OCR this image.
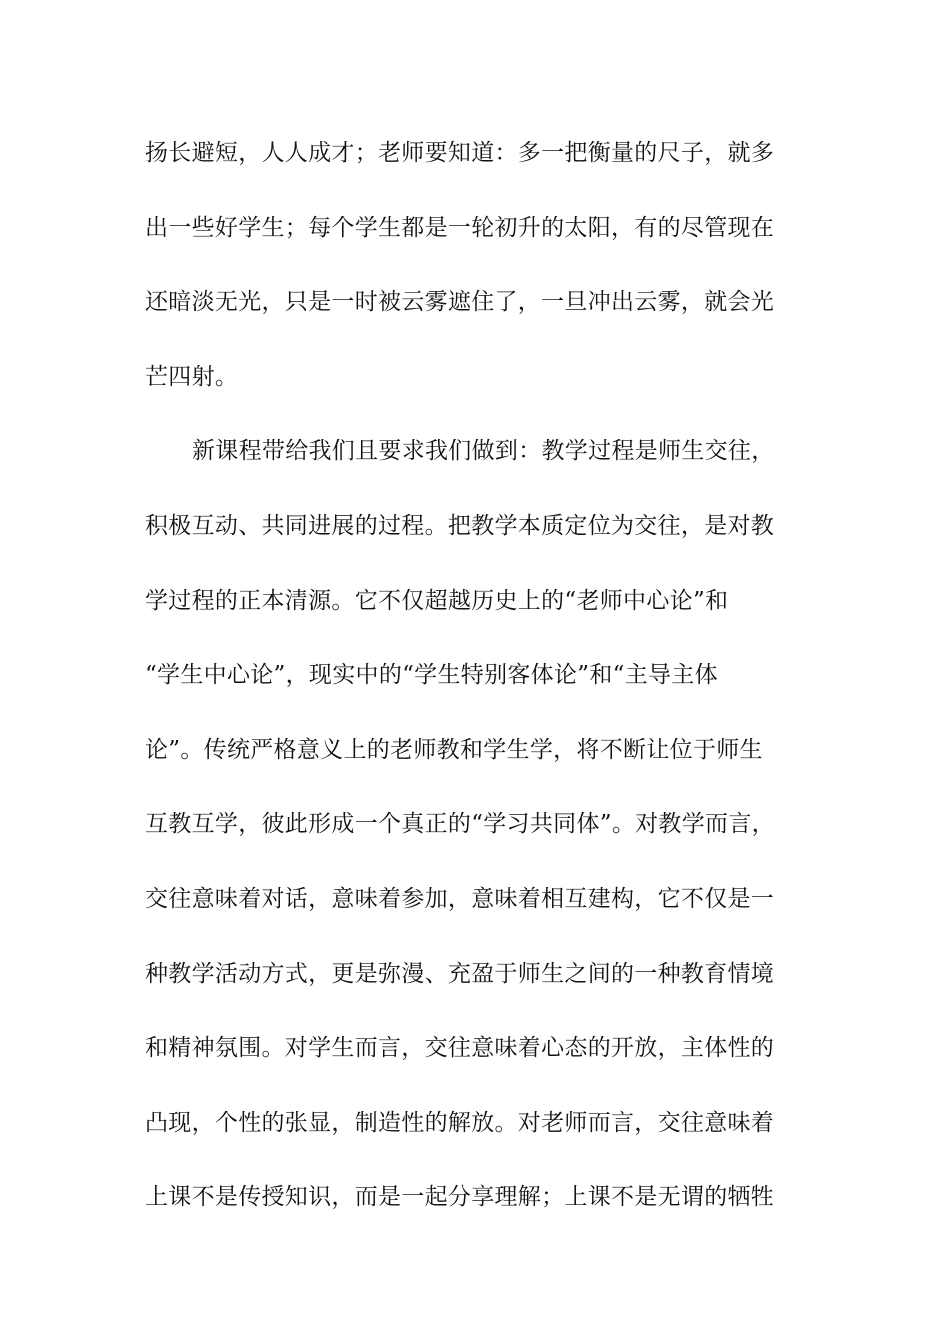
扬长避短，人人成才；老师要知道：多一把衡量的尺子，就多
出一些好学生；每个学生都是一轮初升的太阳，有的尽管现在
还暗淡无光，只是一时被云雾遮住了，一旦冲出云雾，就会光
芒四射。
新课程带给我们且要求我们做到：教学过程是师生交往，
积极互动、共同进展的过程。把教学本质定位为交往，是对教
学过程的正本清源。它不仅超越历史上的“老师中心论”和
“学生中心论”，现实中的“学生特别客体论”和“主导主体
论”。传统严格意义上的老师教和学生学，将不断让位于师生
互教互学，彼此形成一个真正的“学习共同体”。对教学而言，
交往意味着对话，意味着参加，意味着相互建构，它不仅是一
种教学活动方式，更是弥漫、充盈于师生之间的一种教育情境
和精神氛围。对学生而言，交往意味着心态的开放，主体性的
凸现，个性的张显，制造性的解放。对老师而言，交往意味着
上课不是传授知识，而是一起分享理解；上课不是无谓的牺牲
